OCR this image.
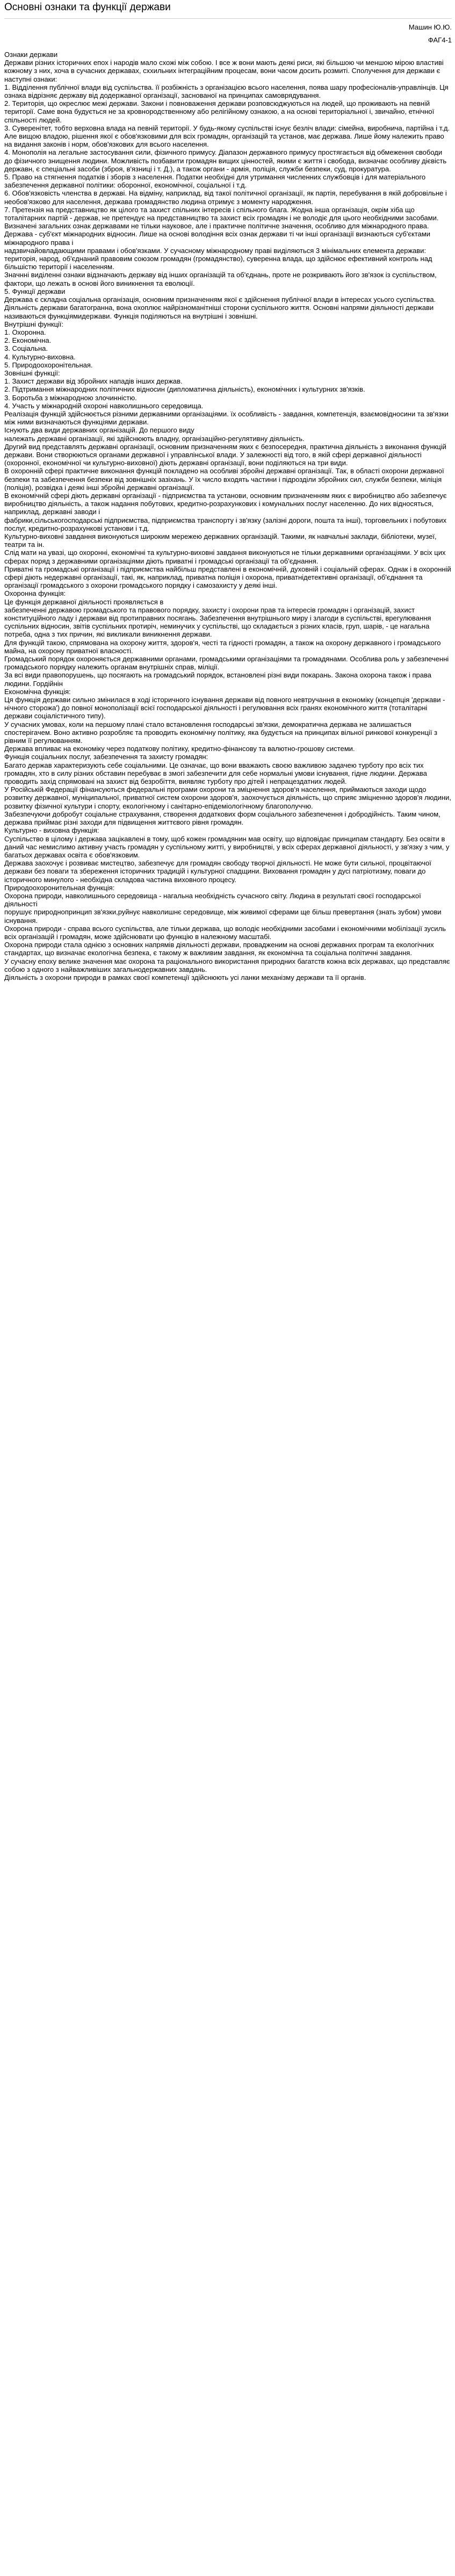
Основні ознаки та функції держави
Машин Ю.Ю.
ФАГ4-1

Ознаки держави

Держави різних історичних епох і народів мало схожі між собою. І все ж вони мають деякі риси, які більшою чи меншою мірою властиві кожному з них, хоча в сучасних державах, сххильних інтеграційним процесам, вони часом досить розмиті. Сполучення для держави є наступні ознаки:

1. Відділення публічної влади від суспільства. її розбіжність з організацією всього населення, поява шару професіоналів-управлінців. Ця ознака відрізняє державу від додержавної організації, заснованої на принципах самоврядування.

2. Територія, що окреслює межі держави. Закони і повноваження держави розповсюджуються на людей, що проживають на певній території. Саме вона будується не за кровнородственному або релігійному ознакою, а на основі територіальної і, звичайно, етнічної спільності людей.

3. Суверенітет, тобто верховна влада на певній території. У будь-якому суспільстві існує безліч влади: сімейна, виробнича, партійна і т.д. Але вищою владою, рішення якої є обов'язковими для всіх громадян, організацій та установ, має держава. Лише йому належить право на видання законів і норм, обов'язкових для всього населення.

4. Монополія на легальне застосування сили, фізичного примусу. Діапазон державного примусу простягається від обмеження свободи до фізичного знищення людини. Можливість позбавити громадян вищих цінностей, якими є життя і свобода, визначає особливу дієвість державн, є спеціальні засоби (зброя, в'язниці і т. Д.), а також органи - армія, поліція, служби безпеки, суд, прокуратура.

5. Право на стягнення податків і зборів з населення. Податки необхідні для утримання численних службовців і для матеріального забезпечення державної політики: оборонної, економічної, соціальної і т.д.

6. Обов'язковість членства в державі. На відміну, наприклад, від такої політичної організації, як партія, перебування в якій добровільне і необов'язково для населення, держава громадянство людина отримує з моменту народження.

7. Претензія на представництво як цілого та захист спільних інтересів і спільного блага. Жодна інша організація, окрім хіба що тоталітарних партій - держав, не претендує на представництво та захист всіх громадян і не володіє для цього необхідними засобами.

Визначені загальних ознак державами не тільки науковое, але і практичне політичне значення, особливо для міжнародного права. Держава - суб'єкт міжнародних відносин. Лише на основі володіння всіх ознак держави ті чи інші організації визнаються суб'єктами міжнародного права і

надзвичайовладающими правами і обов'язками. У сучасному міжнародному праві виділяються 3 мінімальних елемента держави: територія, народ, об'єднаний правовим союзом громадян (громадянство), суверенна влада, що здійснює ефективний контроль над більшістю території і населенням.

Значнні виділенні ознаки відзначають державу від інших організацій та об'єднань, проте не розкривають його зв'язок із суспільством, фактори, що лежать в основі його виникнення та еволюції.

5. Функції держави

Держава є складна соціальна організація, основним призначенням якої є здійснення публічної влади в інтересах усього суспільства.

Діяльність держави багатогранна, вона охоплює найрізноманітніші сторони суспільного життя. Основні напрями діяльності держави

називаються функціямидержави. Функція поділяються на внутрішні і зовнішні.

Внутрішні функції:

1. Охоронна.

2. Економічна.

3. Соціальна.

4. Культурно-виховна.

5. Природоохоронітельная.

Зовнішні функції:

1. Захист держави від збройних нападів інших держав.

2. Підтримання міжнародних політичних відносин (дипломатична діяльність), економічних і культурних зв'язків.

3. Боротьба з міжнародною злочинністю.

4. Участь у міжнародній охороні навколишнього середовища.

Реалізація функцій здійснюється різними державними організаціями. їх особливість - завдання, компетенція, взаємовідносини та зв'язки між ними визначаються функціями держави.

Існують два види державних організацій. До першого виду

належать державні організації, які здійснюють владну, організаційно-регулятивну діяльність.

Другий вид представлять державні організації, основним призначенням яких є безпосередня, практична діяльність з виконання функцій держави. Вони створюються органами державної і управлінської влади. У залежності від того, в якій сфері державної діяльності (охоронної, економічної чи культурно-виховної) діють державні організації, вони поділяються на три види.

В охоронній сфері практичне виконання функцій покладено на особливі збройні державні організації. Так, в області охорони державної безпеки та забезпечення безпеки від зовнішніх зазіхань. У їх число входять частини і підрозділи збройних сил, служби безпеки, міліція (поліція), розвідка і деякі інші збройні державні організації.

В економічній сфері діють державні організації - підприємства та установи, основним призначенням яких є виробництво або забезпечує виробництво діяльність, а також надання побутових, кредитно-розрахункових і комунальних послуг населенню. До них відносяться, наприклад, державні заводи і

фабрики,сільськогосподарські підприємства, підприємства транспорту і зв'язку (залізні дороги, пошта та інші), торговельних і побутових послуг, кредитно-розрахункові установи і т.д.

Культурно-виховні завдання виконуються широким мережею державних організацій. Такими, як навчальні заклади, бібліотеки, музеї, театри та ін.

Слід мати на увазі, що охоронні, економічні та культурно-виховні завдання виконуються не тільки державними організаціями. У всіх цих сферах поряд з державними організаціями діють приватні і громадські організації та об'єднання.

Приватні та громадські організації і підприємства найбільш представлені в економічній, духовній і соціальній сферах. Однак і в охоронній сфері діють недержавні організації, такі, як, наприклад, приватна поліція і охорона, приватнідетективні організації, об'єднання та організації громадського з охорони громадського порядку і самозахисту у деякі інші.

Охоронна функція:

Це функція державної діяльності проявляється в

забезпеченні державою громадського та правового порядку, захисту і охорони прав та інтересів громадян і організацій, захист конституційного ладу і держави від протиправних посягань. Забезпечення внутрішнього миру і злагоди в суспільстві, врегулювання суспільних відносин, звітів суспільних протиріч, неминучих у суспільстві, що складається з різних класів, груп, шарів, - це нагальна потреба, одна з тих причин, які викликали виникнення держави.

Для функцій такою, спрямована на охорону життя, здоров'я, честі та гідності громадян, а також на охорону державного і громадського майна, на охорону приватної власності.

Громадський порядок охороняється державними органами, громадськими організаціями та громадянами. Особлива роль у забезпеченні громадського порядку належить органам внутрішніх справ, міліції.

За всі види правопорушень, що посягають на громадський порядок, встановлені різні види покарань. Закона охорона також і права людини. Гордійнін

Економічна функція:

Ця функція держави сильно змінилася в ході історичного існування держави від повного невтручання в економіку (концепція 'держави - нічного сторожа') до повної монополізації всієї господарської діяльності і регулювання всіх гранях економічного життя (тоталітарні держави соціалістичного типу).

У сучасних умовах, коли на першому плані стало встановлення господарські зв'язки, демократична держава не залишається спостерігачем. Воно активно розробляє та проводить економічну політику, яка будується на принципах вільної ринкової конкуренції з рівним її регулюванням.

Держава впливає на економіку через податкову політику, кредитно-фінансову та валютно-грошову системи.

Функція соціальних послуг, забезпечення та захисту громадян:

Багато держав характеризують себе соціальними. Це означає, що вони вважають своєю важливою задачею турботу про всіх тих громадян, хто в силу різних обставин перебуває в змогі забезпечити для себе нормальні умови існування, гідне людини. Держава проводить захід спрямовані на захист від безробіття, виявляє турботу про дітей і непрацездатних людей.

У Російській Федерації фінансуються федеральні програми охорони та зміцнення здоров'я населення, приймаються заходи щодо розвитку державної, муніципальної, приватної систем охорони здоров'я, заохочується діяльність, що сприяє зміцненню здоров'я людини, розвитку фізичної культури і спорту, екологічному і санітарно-епідеміологічному благополуччю.

Забезпечуючи добробут соціальне страхування, створення додаткових форм соціального забезпечення і добродійність. Таким чином, держава приймає різні заходи для підвищення життєвого рівня громадян.

Культурно - виховна функція:

Суспільство в цілому і держава зацікавлені в тому, щоб кожен громадянин мав освіту, що відповідає принципам стандарту. Без освіти в даний час немислимо активну участь громадян у суспільному житті, у виробництві, у всіх сферах державної діяльності, у зв'язку з чим, у багатьох державах освіта є обов'язковим.

Держава заохочує і розвиває мистецтво, забезпечує для громадян свободу творчої діяльності. Не може бути сильної, процвітаючої держави без поваги та збереження історичних традицій і культурної спадщини. Виховання громадян у дусі патріотизму, поваги до історичного минулого - необхідна складова частина виховного процесу.

Природоохоронительная функція:

Охорона природи, навколишнього середовища - нагальна необхідність сучасного світу. Людина в результаті своєї господарської діяльності

порушує природнопринцип зв'язки,руйнує навколишнє середовище, між живимої сферами ще більш превертання (знать зубом) умови існування.

Охорона природи - справа всього суспільства, але тільки держава, що володіє необхідними засобами і економічними мобілізації зусиль всіх організацій і громадян, може здійснювати цю функцію в належному масштабі.

Охорона природи стала однією з основних напрямів діяльності держави, провадженим на основі державних програм та екологічних стандартах, що визначає екологічна безпека, є такому ж важливим завдання, як економічна та соціальна політичні завдання.

У сучасну епоху велике значення має охорона та раціонального використання природних багатств кожна всіх державах, що представляє собою з одного з найважливіших загальнодержавних завдань.

Діяльність з охорони природи в рамках своєї компетенції здійснюють усі ланки механізму держави та її органів.
